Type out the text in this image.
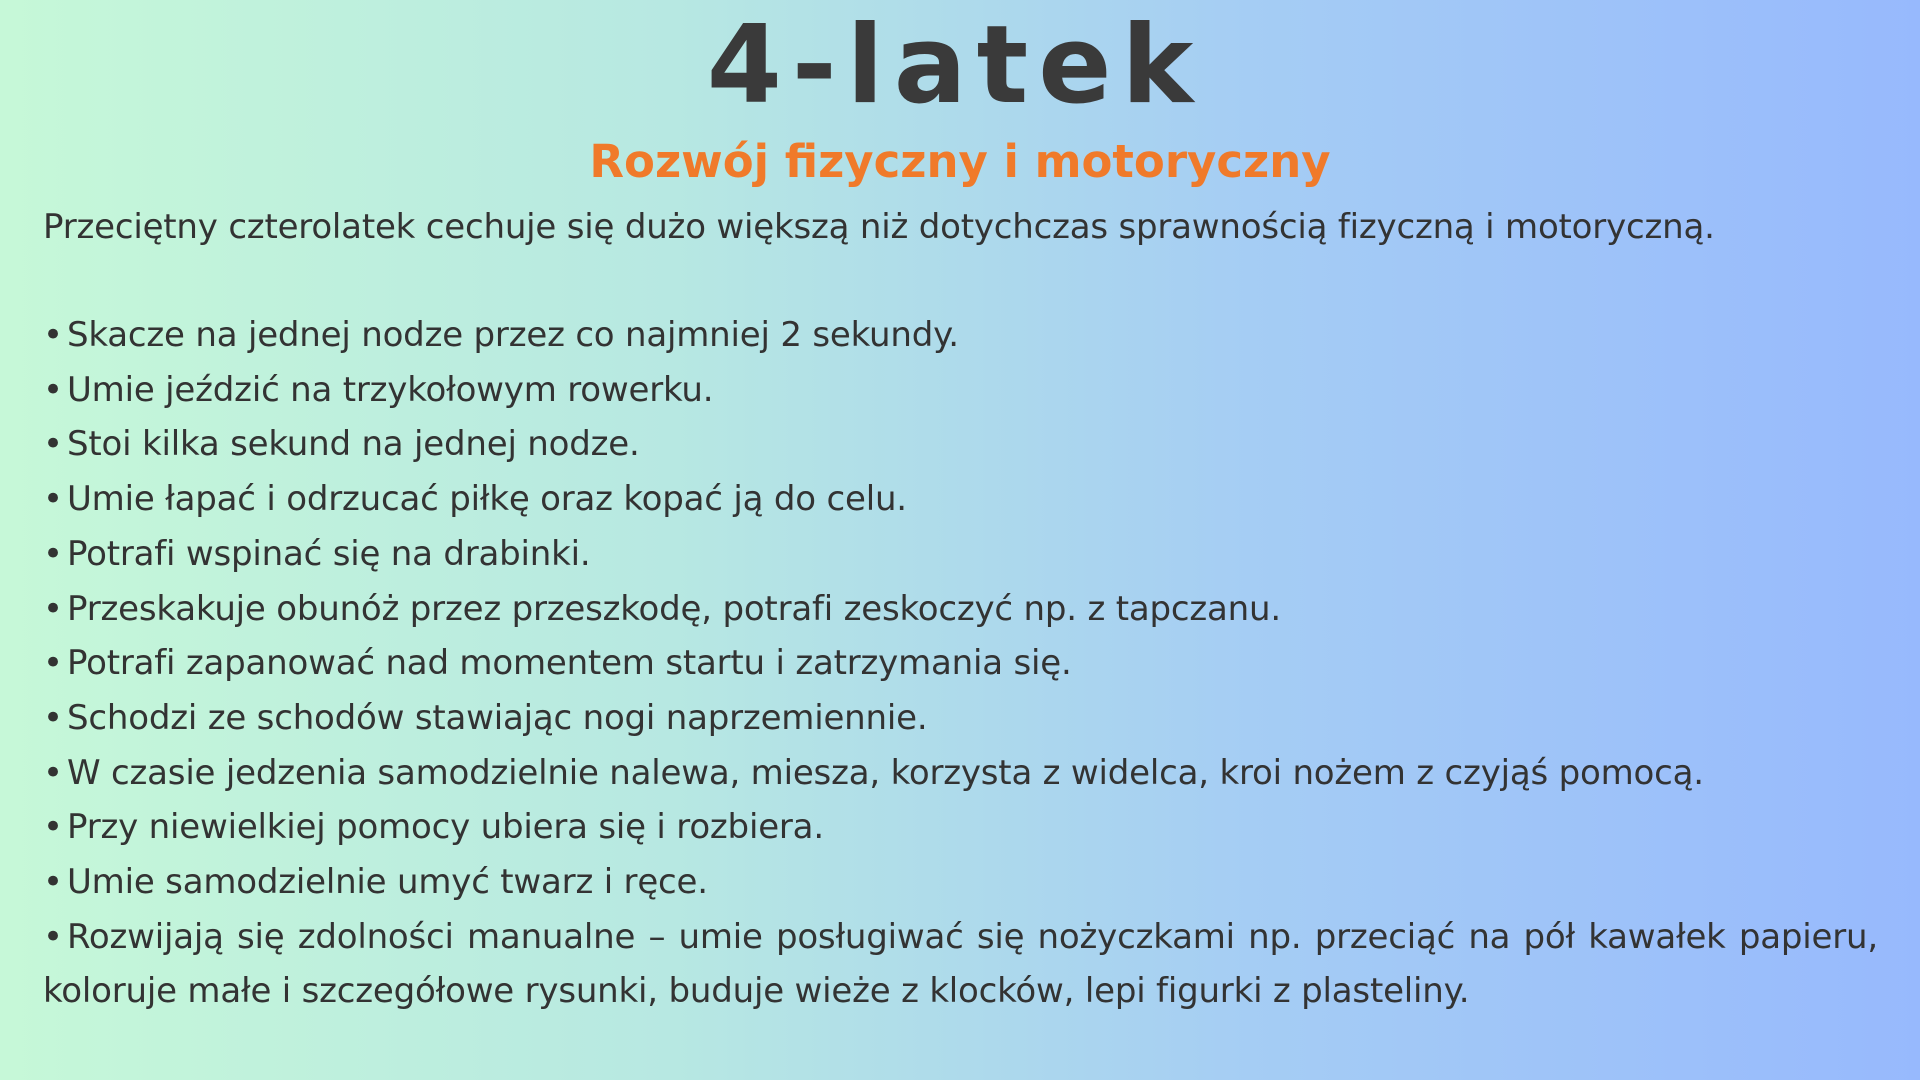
4-latek
Rozwój fizyczny i motoryczny
Przeciętny czterolatek cechuje się dużo większą niż dotychczas sprawnością fizyczną i motoryczną.
• Skacze na jednej nodze przez co najmniej 2 sekundy.
• Umie jeździć na trzykołowym rowerku.
• Stoi kilka sekund na jednej nodze.
• Umie łapać i odrzucać piłkę oraz kopać ją do celu.
• Potrafi wspinać się na drabinki.
• Przeskakuje obunóż przez przeszkodę, potrafi zeskoczyć np. z tapczanu.
• Potrafi zapanować nad momentem startu i zatrzymania się.
• Schodzi ze schodów stawiając nogi naprzemiennie.
• W czasie jedzenia samodzielnie nalewa, miesza, korzysta z widelca, kroi nożem z czyjąś pomocą.
• Przy niewielkiej pomocy ubiera się i rozbiera.
• Umie samodzielnie umyć twarz i ręce.
• Rozwijają się zdolności manualne – umie posługiwać się nożyczkami np. przeciąć na pół kawałek papieru, koloruje małe i szczegółowe rysunki, buduje wieże z klocków, lepi figurki z plasteliny.
